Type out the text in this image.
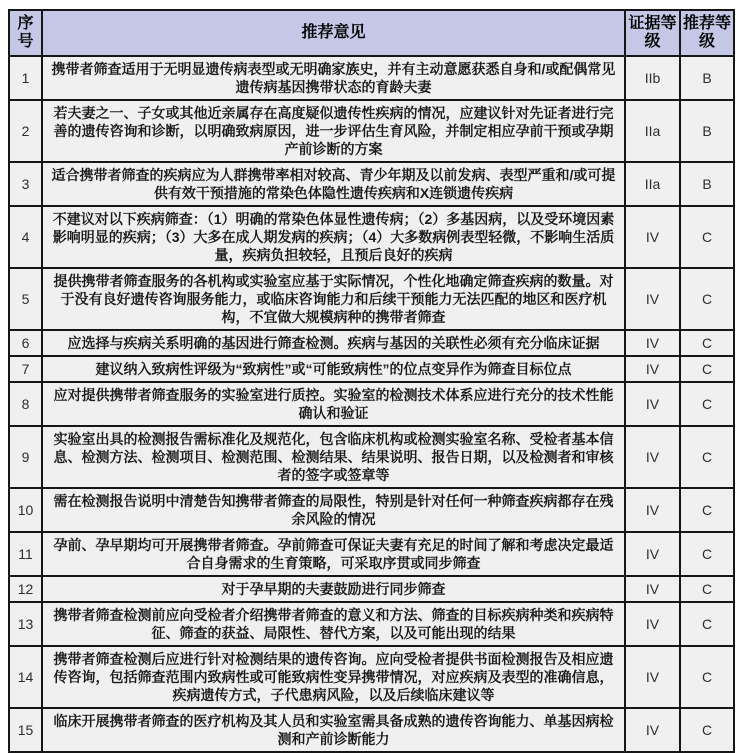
序号	推荐意见	证据等级	推荐等级
1	携带者筛查适用于无明显遗传病表型或无明确家族史，并有主动意愿获悉自身和/或配偶常见遗传病基因携带状态的育龄夫妻	IIb	B
2	若夫妻之一、子女或其他近亲属存在高度疑似遗传性疾病的情况，应建议针对先证者进行完善的遗传咨询和诊断，以明确致病原因，进一步评估生育风险，并制定相应孕前干预或孕期产前诊断的方案	IIa	B
3	适合携带者筛查的疾病应为人群携带率相对较高、青少年期及以前发病、表型严重和/或可提供有效干预措施的常染色体隐性遗传疾病和X连锁遗传疾病	IIa	B
4	不建议对以下疾病筛查：（1）明确的常染色体显性遗传病；（2）多基因病，以及受环境因素影响明显的疾病；（3）大多在成人期发病的疾病；（4）大多数病例表型轻微，不影响生活质量，疾病负担较轻，且预后良好的疾病	IV	C
5	提供携带者筛查服务的各机构或实验室应基于实际情况，个性化地确定筛查疾病的数量。对于没有良好遗传咨询服务能力，或临床咨询能力和后续干预能力无法匹配的地区和医疗机构，不宜做大规模病种的携带者筛查	IV	C
6	应选择与疾病关系明确的基因进行筛查检测。疾病与基因的关联性必须有充分临床证据	IV	C
7	建议纳入致病性评级为“致病性”或“可能致病性”的位点变异作为筛查目标位点	IV	C
8	应对提供携带者筛查服务的实验室进行质控。实验室的检测技术体系应进行充分的技术性能确认和验证	IV	C
9	实验室出具的检测报告需标准化及规范化，包含临床机构或检测实验室名称、受检者基本信息、检测方法、检测项目、检测范围、检测结果、结果说明、报告日期，以及检测者和审核者的签字或签章等	IV	C
10	需在检测报告说明中清楚告知携带者筛查的局限性，特别是针对任何一种筛查疾病都存在残余风险的情况	IV	C
11	孕前、孕早期均可开展携带者筛查。孕前筛查可保证夫妻有充足的时间了解和考虑决定最适合自身需求的生育策略，可采取序贯或同步筛查	IV	C
12	对于孕早期的夫妻鼓励进行同步筛查	IV	C
13	携带者筛查检测前应向受检者介绍携带者筛查的意义和方法、筛查的目标疾病种类和疾病特征、筛查的获益、局限性、替代方案，以及可能出现的结果	IV	C
14	携带者筛查检测后应进行针对检测结果的遗传咨询。应向受检者提供书面检测报告及相应遗传咨询，包括筛查范围内致病性或可能致病性变异携带情况，对应疾病及表型的准确信息，疾病遗传方式，子代患病风险，以及后续临床建议等	IV	C
15	临床开展携带者筛查的医疗机构及其人员和实验室需具备成熟的遗传咨询能力、单基因病检测和产前诊断能力	IV	C
